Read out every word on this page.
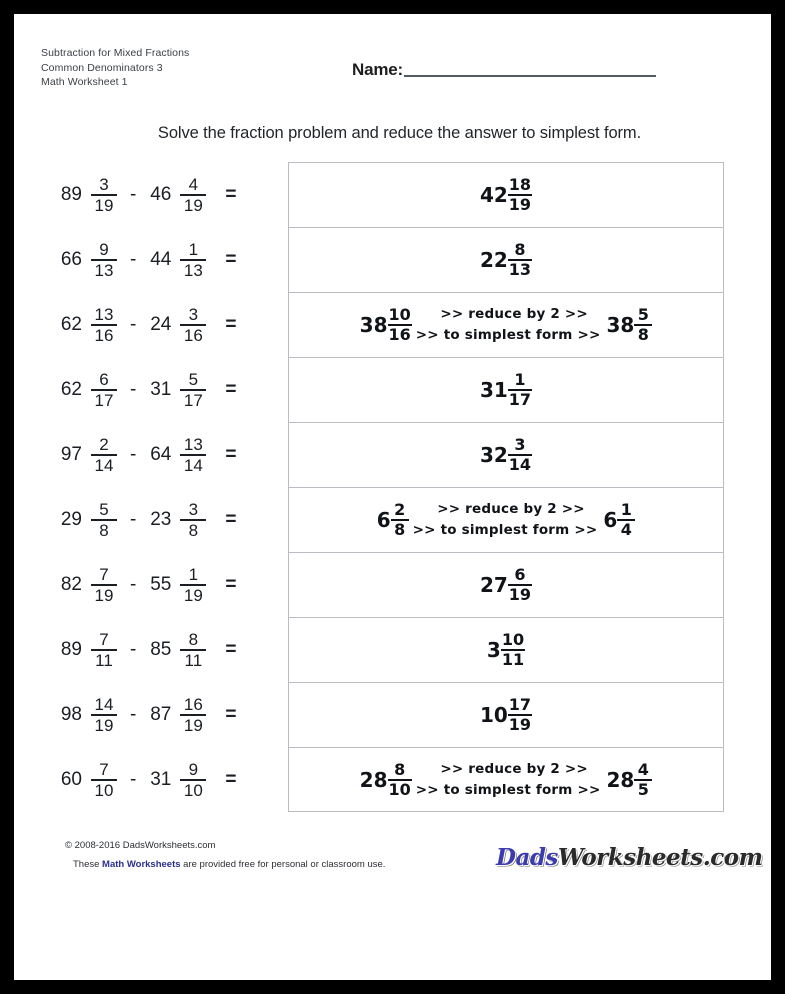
Subtraction for Mixed Fractions
Common Denominators 3
Math Worksheet 1
Name:
Solve the fraction problem and reduce the answer to simplest form.
$89 \frac{3}{19} - 46 \frac{4}{19}$ =	$42 \frac{18}{19}$
$66 \frac{9}{13} - 44 \frac{1}{13}$ =	$22 \frac{8}{13}$
$62 \frac{13}{16} - 24 \frac{3}{16}$ =	$38 \frac{10}{16}$	>> reduce by 2 >>
>> to simplest form >> $38 \frac{5}{8}$
$62 \frac{6}{17} - 31 \frac{5}{17}$ =	$31 \frac{1}{17}$
$97 \frac{2}{14} - 64 \frac{13}{14}$ =	$32 \frac{3}{14}$
$29 \frac{5}{8} - 23 \frac{3}{8}$ =	$6 \frac{2}{8}$	>> reduce by 2 >>
>> to simplest form >> $6 \frac{1}{4}$
$82 \frac{7}{19} - 55 \frac{1}{19}$ =	$27 \frac{6}{19}$
$89 \frac{7}{11} - 85 \frac{8}{11}$ =	$3 \frac{10}{11}$
$98 \frac{14}{19} - 87 \frac{16}{19}$ =	$10 \frac{17}{19}$
$60 \frac{7}{10} - 31 \frac{9}{10}$ =	$28 \frac{8}{10}$	>> reduce by 2 >>
>> to simplest form >> $28 \frac{4}{5}$
© 2008-2016 DadsWorksheets.com
These Math Worksheets are provided free for personal or classroom use.	DadsWorksheets.com
